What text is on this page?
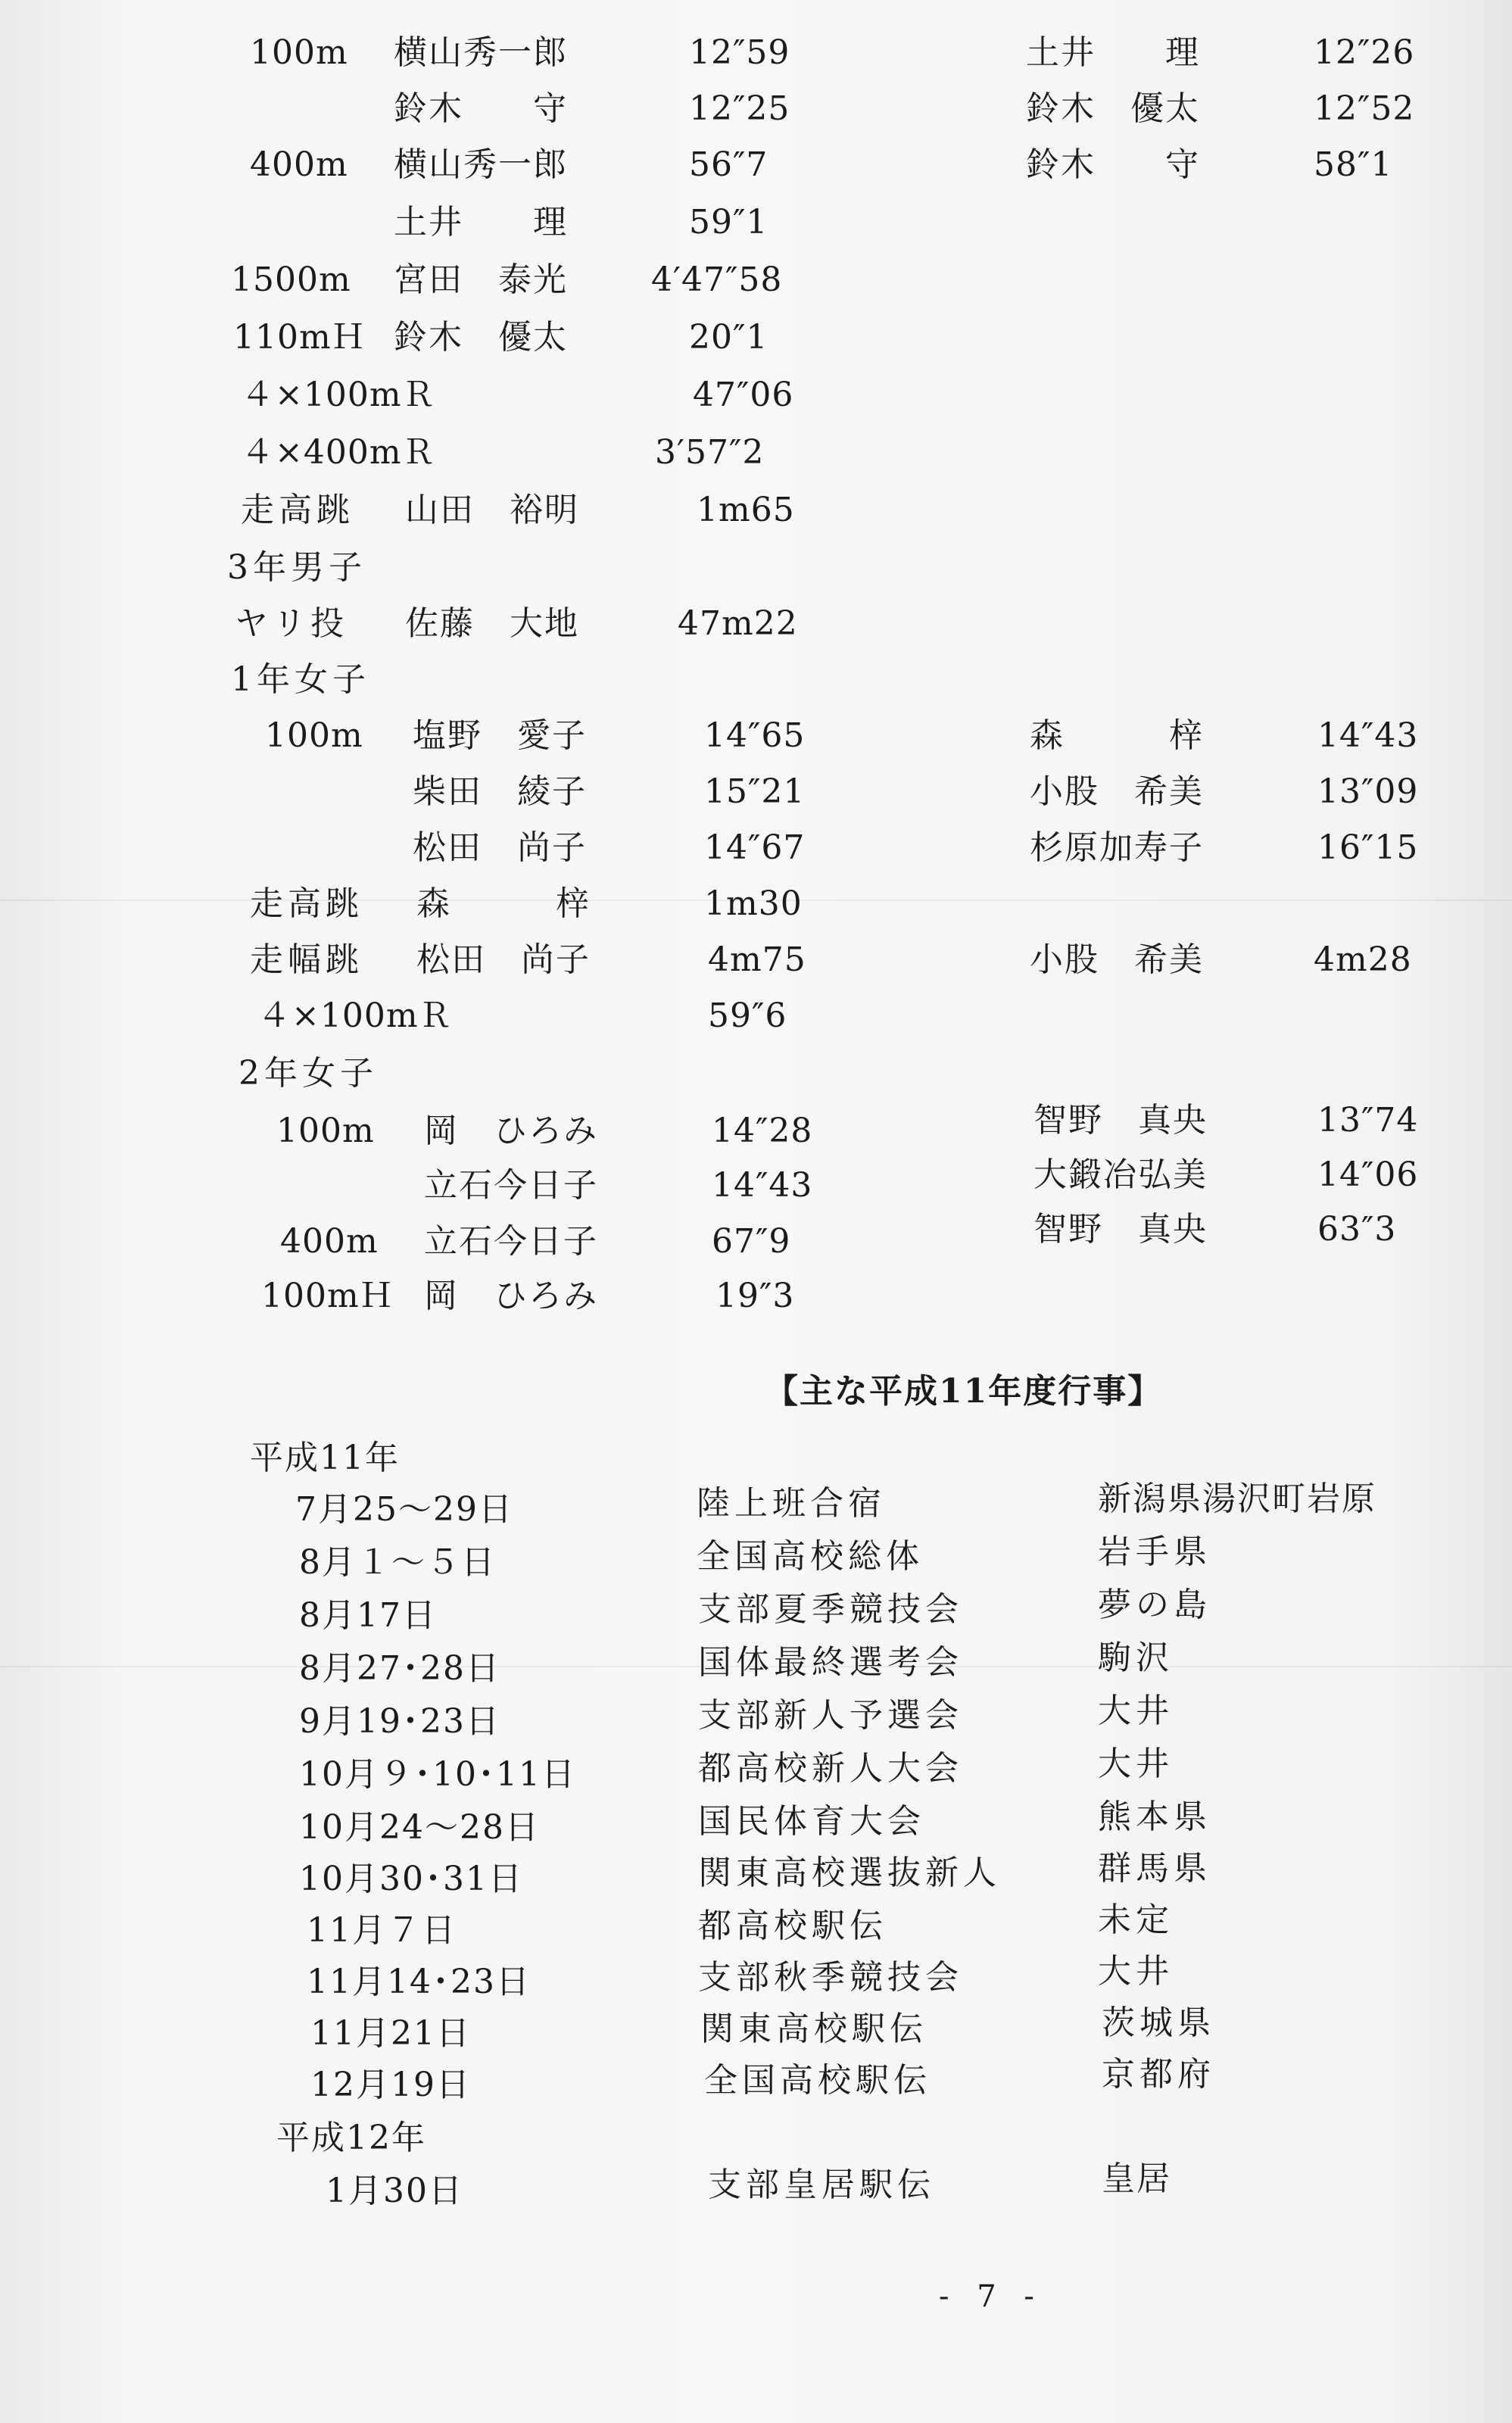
100m 横山秀一郎	12″59	土井　　理	12″26
鈴木　　守	12″25	鈴木　優太	12″52
400m 横山秀一郎	56″7	鈴木　　守	58″1
土井　　理	59″1
1500m 宮田　泰光	4′47″58
110mＨ 鈴木　優太	20″1
４×100mＲ	47″06
４×400mＲ	3′57″2
走高跳 山田　裕明	1m65
3年男子
ヤリ投 佐藤　大地	47m22
1年女子
100m 塩野　愛子	14″65	森　　　梓	14″43
柴田　綾子	15″21	小股　希美	13″09
松田　尚子	14″67	杉原加寿子	16″15
走高跳 森　　　梓	1m30
走幅跳 松田　尚子	4m75	小股　希美	4m28
４×100mＲ	59″6
2年女子
100m 岡　ひろみ	14″28	智野　真央	13″74
立石今日子	14″43	大鍛冶弘美	14″06
400m 立石今日子	67″9	智野　真央	63″3
100mＨ 岡　ひろみ	19″3
【主な平成11年度行事】
平成11年
7月25～29日	陸上班合宿	新潟県湯沢町岩原
8月１～５日	全国高校総体	岩手県
8月17日	支部夏季競技会	夢の島
8月27･28日	国体最終選考会	駒沢
9月19･23日	支部新人予選会	大井
10月９･10･11日	都高校新人大会	大井
10月24～28日	国民体育大会	熊本県
10月30･31日	関東高校選抜新人	群馬県
11月７日	都高校駅伝	未定
11月14･23日	支部秋季競技会	大井
11月21日	関東高校駅伝	茨城県
12月19日	全国高校駅伝	京都府
平成12年
1月30日	支部皇居駅伝	皇居
- 7 -
